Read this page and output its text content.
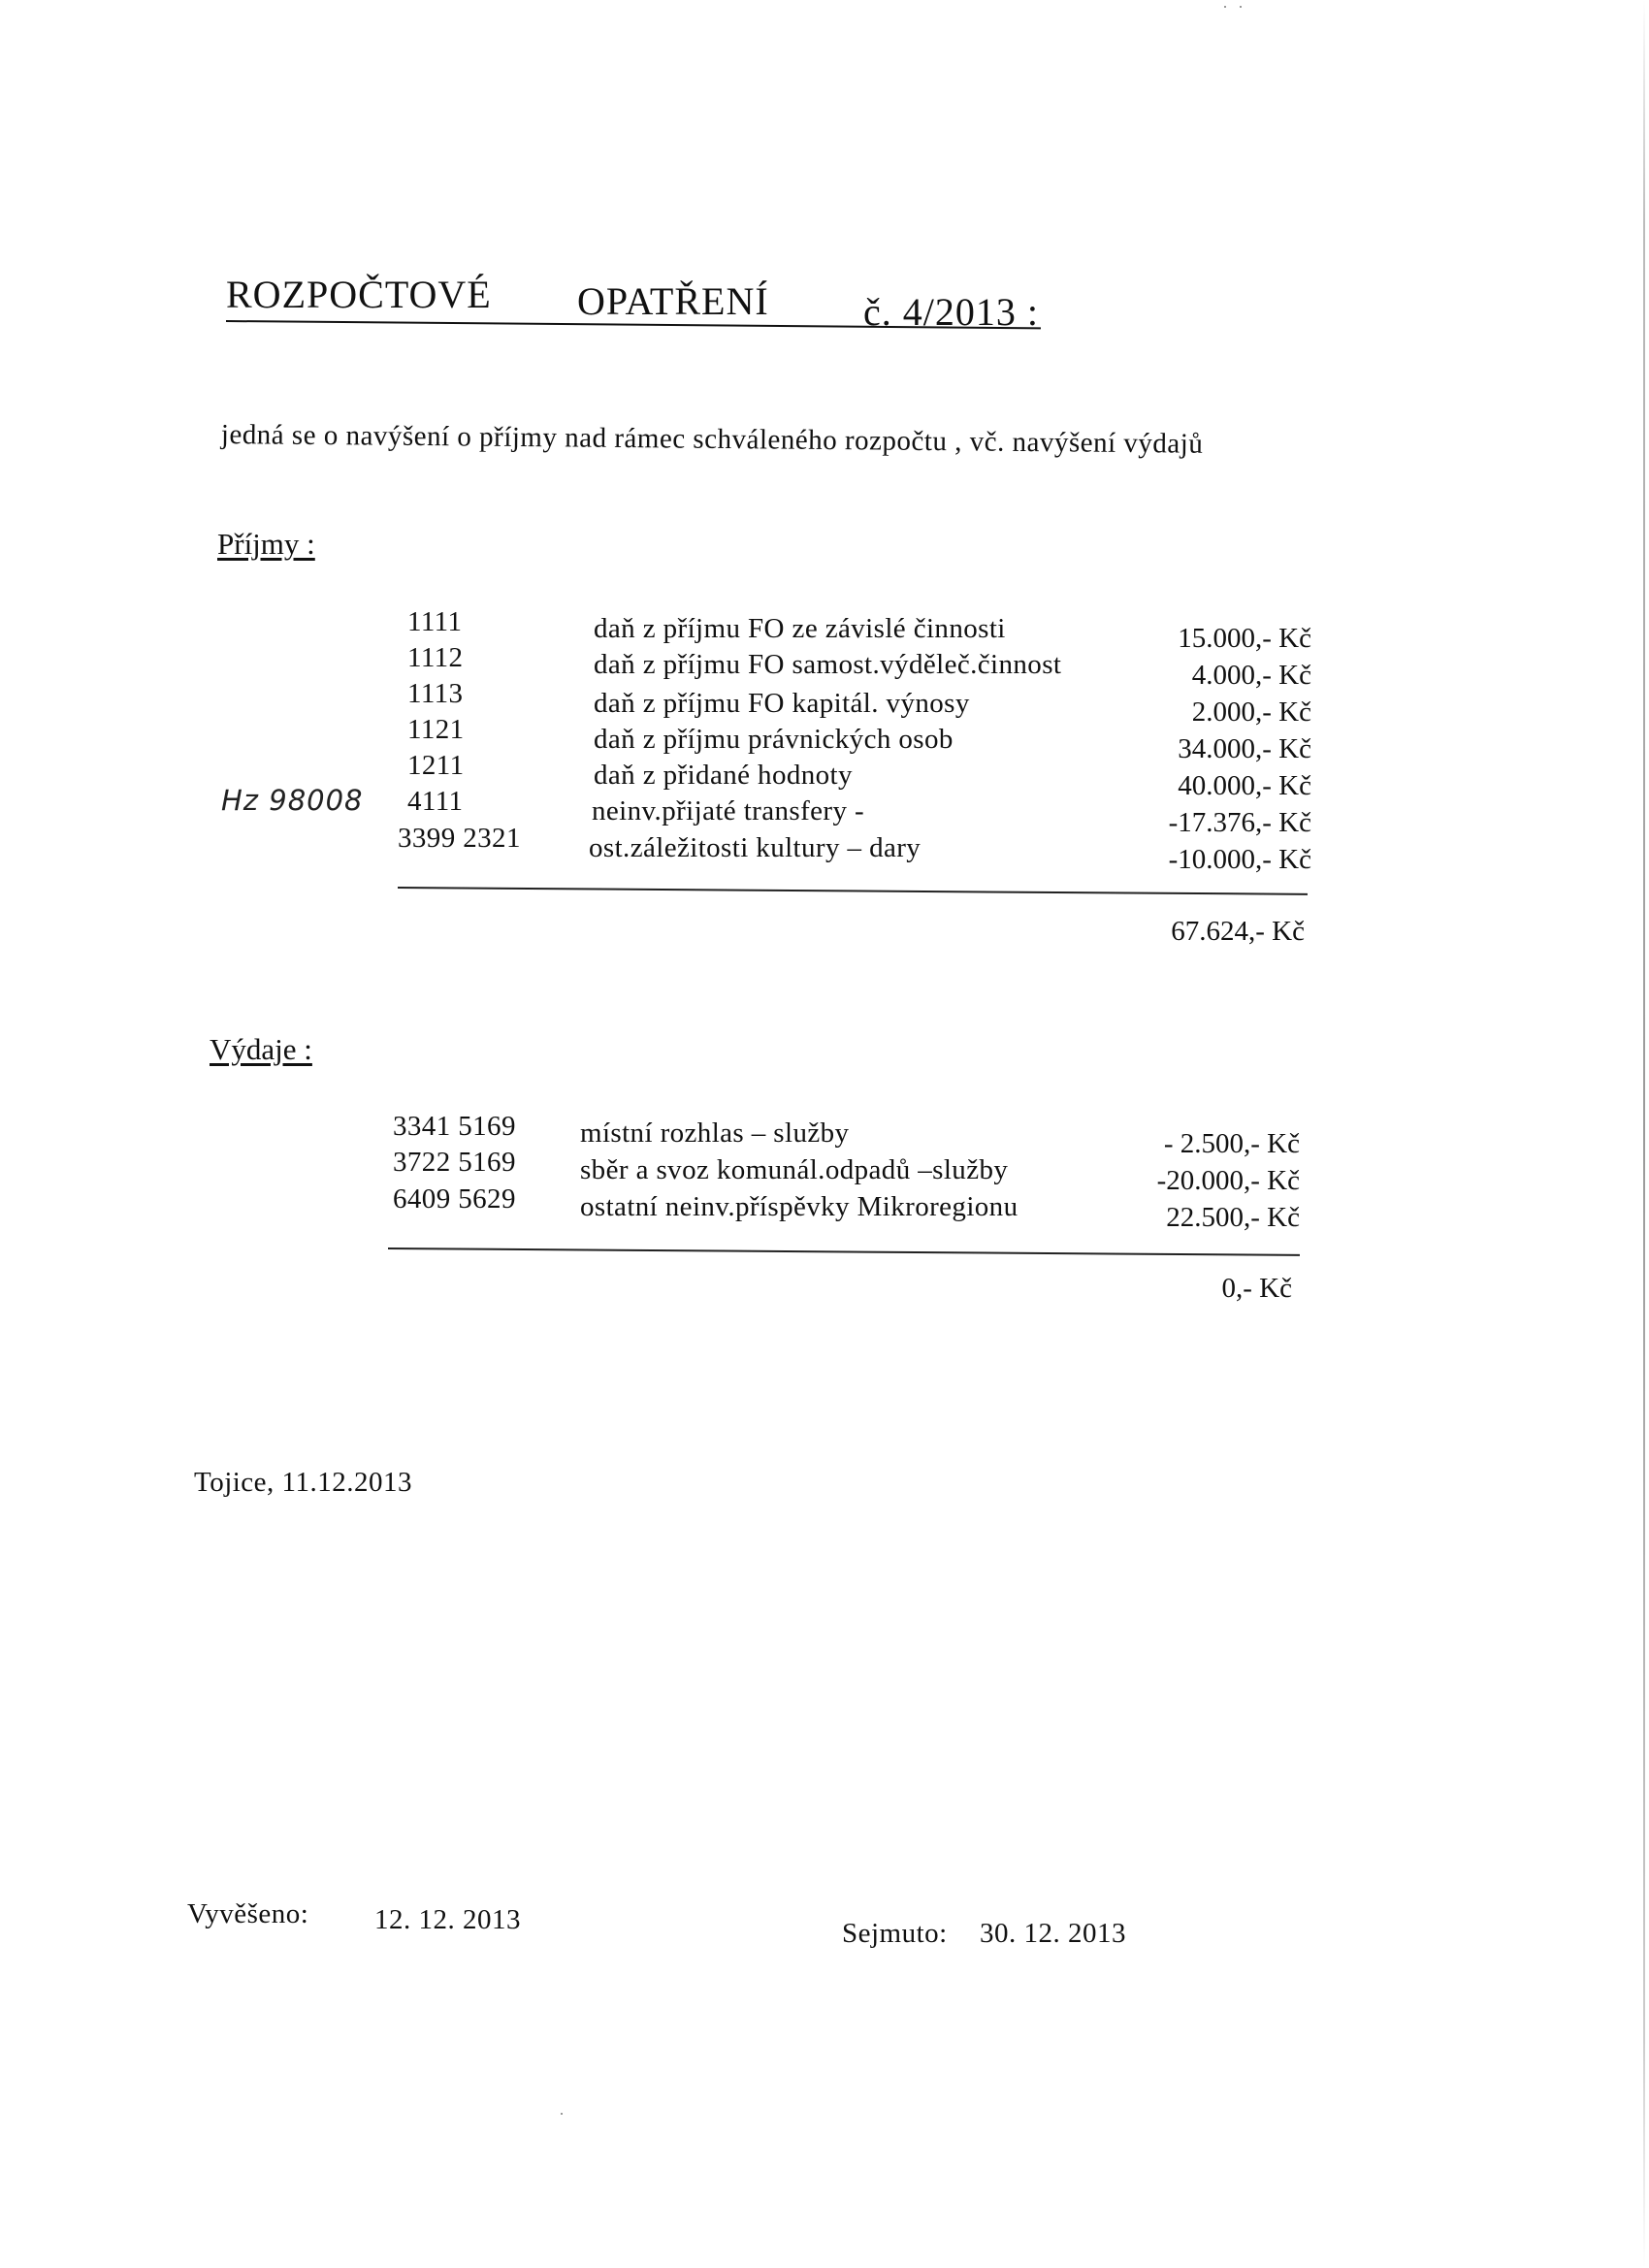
ROZPOČTOVÉ OPATŘENÍ č. 4/2013 :
jedná se o navýšení o příjmy nad rámec schváleného rozpočtu , vč. navýšení výdajů
Příjmy :
1111	daň z příjmu FO ze závislé činnosti	15.000,- Kč
1112	daň z příjmu FO samost.výděleč.činnost	4.000,- Kč
1113	daň z příjmu FO kapitál. výnosy	2.000,- Kč
1121	daň z příjmu právnických osob	34.000,- Kč
1211	daň z přidané hodnoty	40.000,- Kč
Hz 98008 4111	neinv.přijaté transfery -	-17.376,- Kč
3399 2321 ost.záležitosti kultury – dary	-10.000,- Kč
67.624,- Kč
Výdaje :
3341 5169 místní rozhlas – služby	- 2.500,- Kč
3722 5169 sběr a svoz komunál.odpadů –služby	-20.000,- Kč
6409 5629 ostatní neinv.příspěvky Mikroregionu	22.500,- Kč
0,- Kč
Tojice, 11.12.2013
Vyvěšeno: 12. 12. 2013	Sejmuto: 30. 12. 2013
